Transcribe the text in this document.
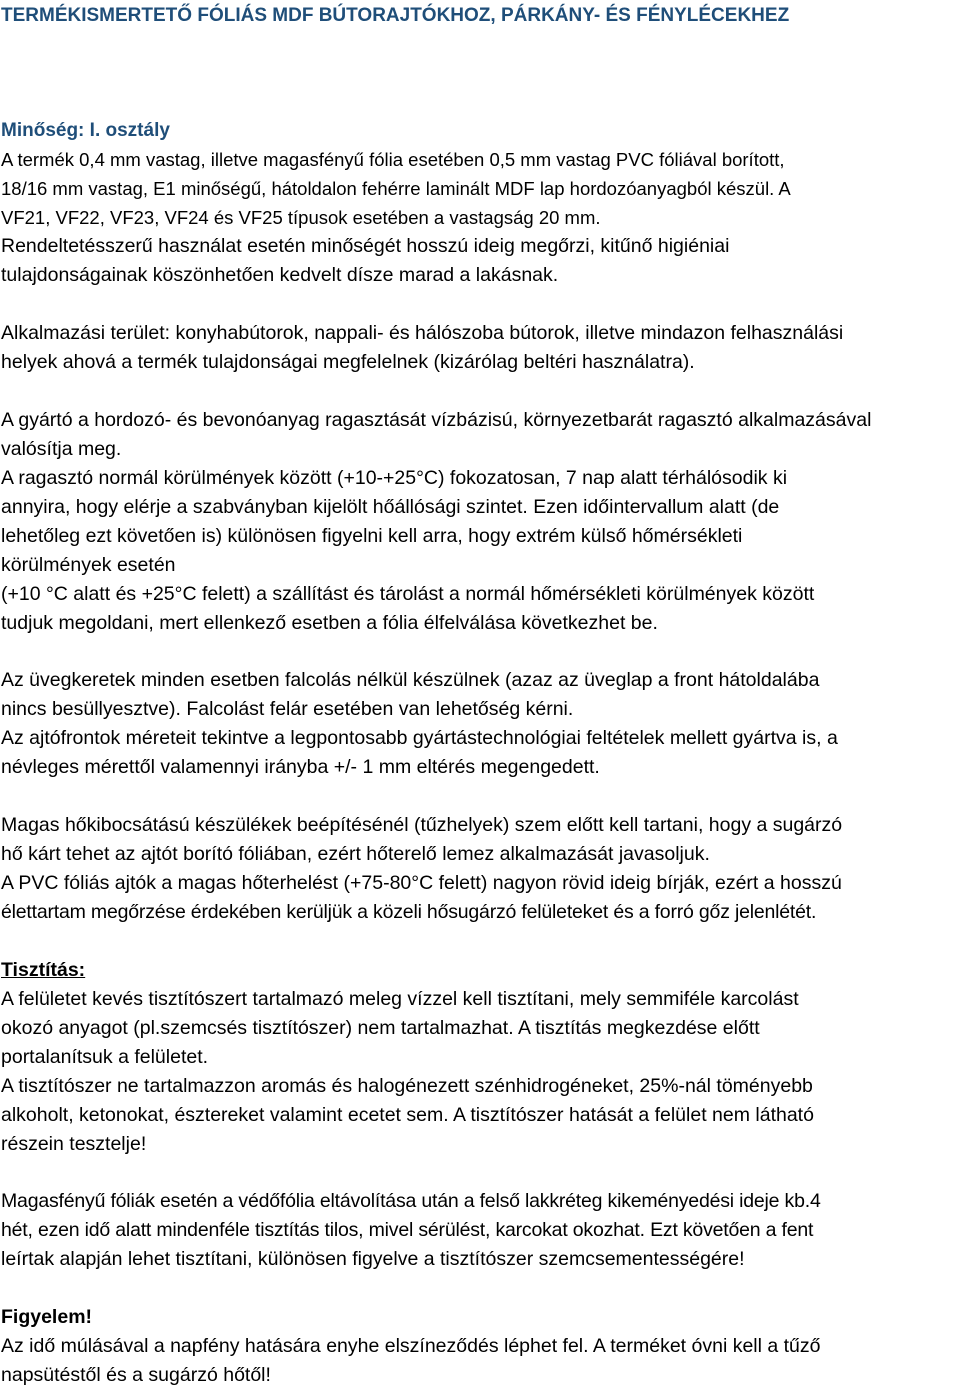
TERMÉKISMERTETŐ FÓLIÁS MDF BÚTORAJTÓKHOZ, PÁRKÁNY- ÉS FÉNYLÉCEKHEZ
Minőség: I. osztály
A termék 0,4 mm vastag, illetve magasfényű fólia esetében 0,5 mm vastag PVC fóliával borított,
18/16 mm vastag, E1 minőségű, hátoldalon fehérre laminált MDF lap hordozóanyagból készül. A
VF21, VF22, VF23, VF24 és VF25 típusok esetében a vastagság 20 mm.
Rendeltetésszerű használat esetén minőségét hosszú ideig megőrzi, kitűnő higiéniai
tulajdonságainak köszönhetően kedvelt dísze marad a lakásnak.
Alkalmazási terület: konyhabútorok, nappali- és hálószoba bútorok, illetve mindazon felhasználási
helyek ahová a termék tulajdonságai megfelelnek (kizárólag beltéri használatra).
A gyártó a hordozó- és bevonóanyag ragasztását vízbázisú, környezetbarát ragasztó alkalmazásával
valósítja meg.
A ragasztó normál körülmények között (+10-+25°C) fokozatosan, 7 nap alatt térhálósodik ki
annyira, hogy elérje a szabványban kijelölt hőállósági szintet. Ezen időintervallum alatt (de
lehetőleg ezt követően is) különösen figyelni kell arra, hogy extrém külső hőmérsékleti
körülmények esetén
(+10 °C alatt és +25°C felett) a szállítást és tárolást a normál hőmérsékleti körülmények között
tudjuk megoldani, mert ellenkező esetben a fólia élfelválása következhet be.
Az üvegkeretek minden esetben falcolás nélkül készülnek (azaz az üveglap a front hátoldalába
nincs besüllyesztve). Falcolást felár esetében van lehetőség kérni.
Az ajtófrontok méreteit tekintve a legpontosabb gyártástechnológiai feltételek mellett gyártva is, a
névleges mérettől valamennyi irányba +/- 1 mm eltérés megengedett.
Magas hőkibocsátású készülékek beépítésénél (tűzhelyek) szem előtt kell tartani, hogy a sugárzó
hő kárt tehet az ajtót borító fóliában, ezért hőterelő lemez alkalmazását javasoljuk.
A PVC fóliás ajtók a magas hőterhelést (+75-80°C felett) nagyon rövid ideig bírják, ezért a hosszú
élettartam megőrzése érdekében kerüljük a közeli hősugárzó felületeket és a forró gőz jelenlétét.
Tisztítás:
A felületet kevés tisztítószert tartalmazó meleg vízzel kell tisztítani, mely semmiféle karcolást
okozó anyagot (pl.szemcsés tisztítószer) nem tartalmazhat. A tisztítás megkezdése előtt
portalanítsuk a felületet.
A tisztítószer ne tartalmazzon aromás és halogénezett szénhidrogéneket, 25%-nál töményebb
alkoholt, ketonokat, észtereket valamint ecetet sem. A tisztítószer hatását a felület nem látható
részein tesztelje!
Magasfényű fóliák esetén a védőfólia eltávolítása után a felső lakkréteg kikeményedési ideje kb.4
hét, ezen idő alatt mindenféle tisztítás tilos, mivel sérülést, karcokat okozhat. Ezt követően a fent
leírtak alapján lehet tisztítani, különösen figyelve a tisztítószer szemcsementességére!
Figyelem!
Az idő múlásával a napfény hatására enyhe elszíneződés léphet fel. A terméket óvni kell a tűző
napsütéstől és a sugárzó hőtől!
